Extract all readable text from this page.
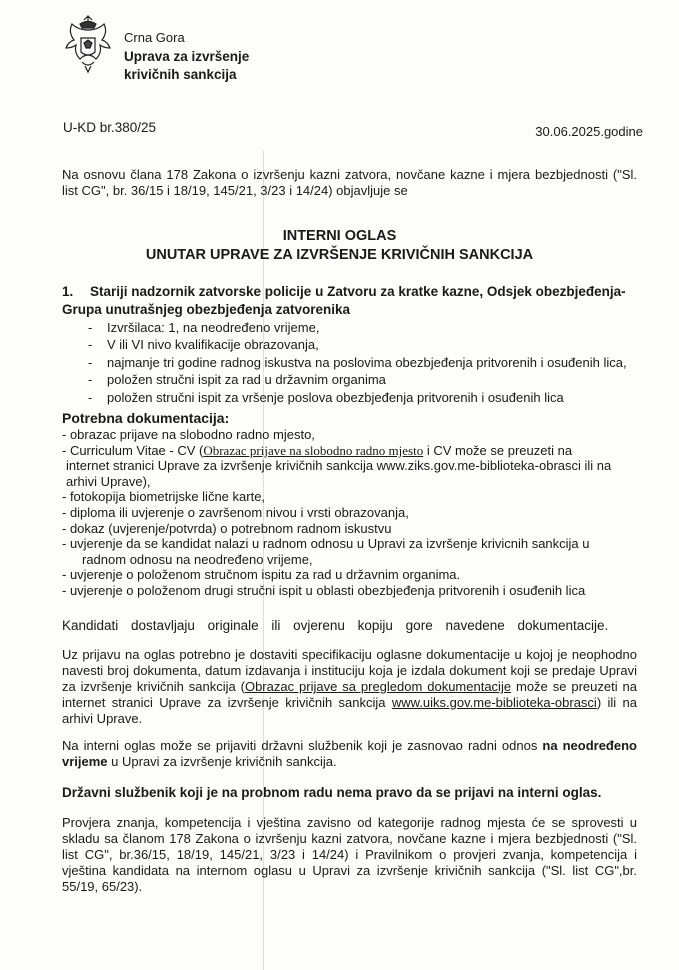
Crna Gora
Uprava za izvršenje
krivičnih sankcija
U-KD br.380/25	30.06.2025.godine
Na osnovu člana 178 Zakona o izvršenju kazni zatvora, novčane kazne i mjera bezbjednosti ("Sl. list CG", br. 36/15 i 18/19, 145/21, 3/23 i 14/24) objavljuje se
INTERNI OGLAS
UNUTAR UPRAVE ZA IZVRŠENJE KRIVIČNIH SANKCIJA
1.	Stariji nadzornik zatvorske policije u Zatvoru za kratke kazne, Odsjek obezbjeđenja-
Grupa unutrašnjeg obezbjeđenja zatvorenika
- Izvršilaca: 1, na neodređeno vrijeme,
- V ili VI nivo kvalifikacije obrazovanja,
- najmanje tri godine radnog iskustva na poslovima obezbjeđenja pritvorenih i osuđenih lica,
- položen stručni ispit za rad u državnim organima
- položen stručni ispit za vršenje poslova obezbjeđenja pritvorenih i osuđenih lica
Potrebna dokumentacija:
- obrazac prijave na slobodno radno mjesto,
- Curriculum Vitae - CV (Obrazac prijave na slobodno radno mjesto i CV može se preuzeti na
internet stranici Uprave za izvršenje krivičnih sankcija www.ziks.gov.me-biblioteka-obrasci ili na
arhivi Uprave),
- fotokopija biometrijske lične karte,
- diploma ili uvjerenje o završenom nivou i vrsti obrazovanja,
- dokaz (uvjerenje/potvrda) o potrebnom radnom iskustvu
- uvjerenje da se kandidat nalazi u radnom odnosu u Upravi za izvršenje krivicnih sankcija u
radnom odnosu na neodređeno vrijeme,
- uvjerenje o položenom stručnom ispitu za rad u državnim organima.
- uvjerenje o položenom drugi stručni ispit u oblasti obezbjeđenja pritvorenih i osuđenih lica
Kandidati dostavljaju originale ili ovjerenu kopiju gore navedene dokumentacije.
Uz prijavu na oglas potrebno je dostaviti specifikaciju oglasne dokumentacije u kojoj je neophodno navesti broj dokumenta, datum izdavanja i instituciju koja je izdala dokument koji se predaje Upravi za izvršenje krivičnih sankcija (Obrazac prijave sa pregledom dokumentacije može se preuzeti na internet stranici Uprave za izvršenje krivičnih sankcija www.uiks.gov.me-biblioteka-obrasci) ili na arhivi Uprave.
Na interni oglas može se prijaviti državni službenik koji je zasnovao radni odnos na neodređeno vrijeme u Upravi za izvršenje krivičnih sankcija.
Državni službenik koji je na probnom radu nema pravo da se prijavi na interni oglas.
Provjera znanja, kompetencija i vještina zavisno od kategorije radnog mjesta će se sprovesti u skladu sa članom 178 Zakona o izvršenju kazni zatvora, novčane kazne i mjera bezbjednosti ("Sl. list CG", br.36/15, 18/19, 145/21, 3/23 i 14/24) i Pravilnikom o provjeri zvanja, kompetencija i vještina kandidata na internom oglasu u Upravi za izvršenje krivičnih sankcija ("Sl. list CG",br. 55/19, 65/23).
